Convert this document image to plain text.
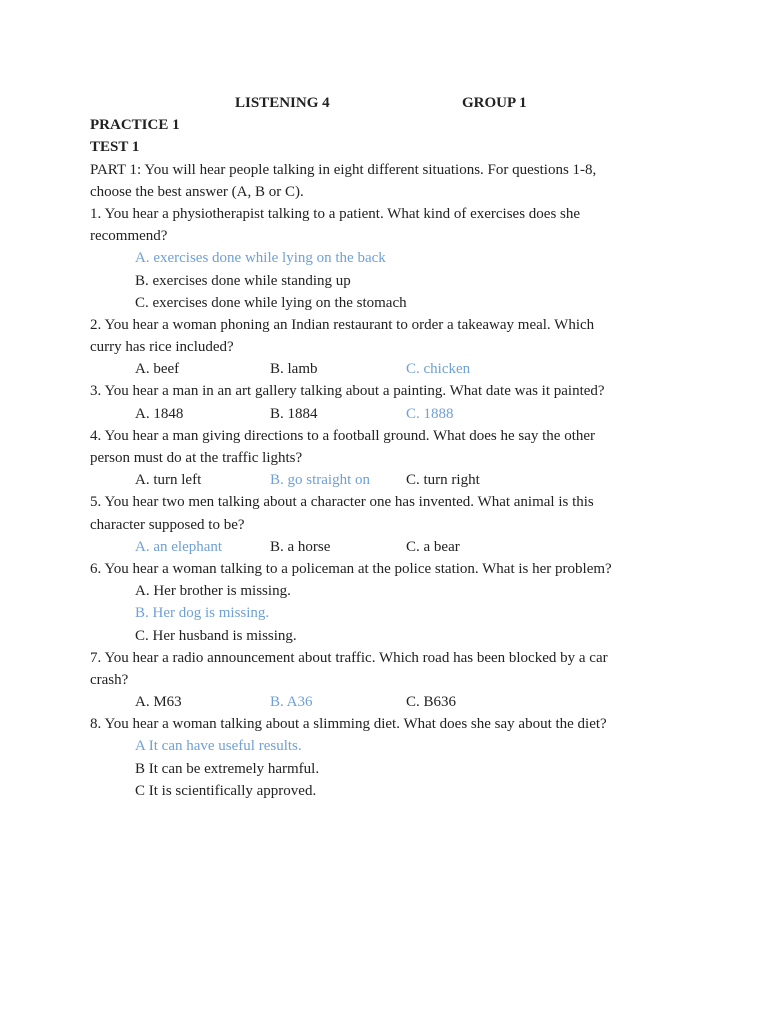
LISTENING 4	GROUP 1
PRACTICE 1
TEST 1
PART 1: You will hear people talking in eight different situations. For questions 1-8,
choose the best answer (A, B or C).
1. You hear a physiotherapist talking to a patient. What kind of exercises does she
recommend?
A. exercises done while lying on the back
B. exercises done while standing up
C. exercises done while lying on the stomach
2. You hear a woman phoning an Indian restaurant to order a takeaway meal. Which
curry has rice included?
A. beef	B. lamb	C. chicken
3. You hear a man in an art gallery talking about a painting. What date was it painted?
A. 1848	B. 1884	C. 1888
4. You hear a man giving directions to a football ground. What does he say the other
person must do at the traffic lights?
A. turn left	B. go straight on C. turn right
5. You hear two men talking about a character one has invented. What animal is this
character supposed to be?
A. an elephant	B. a horse	C. a bear
6. You hear a woman talking to a policeman at the police station. What is her problem?
A. Her brother is missing.
B. Her dog is missing.
C. Her husband is missing.
7. You hear a radio announcement about traffic. Which road has been blocked by a car
crash?
A. M63	B. A36	C. B636
8. You hear a woman talking about a slimming diet. What does she say about the diet?
A It can have useful results.
B It can be extremely harmful.
C It is scientifically approved.
